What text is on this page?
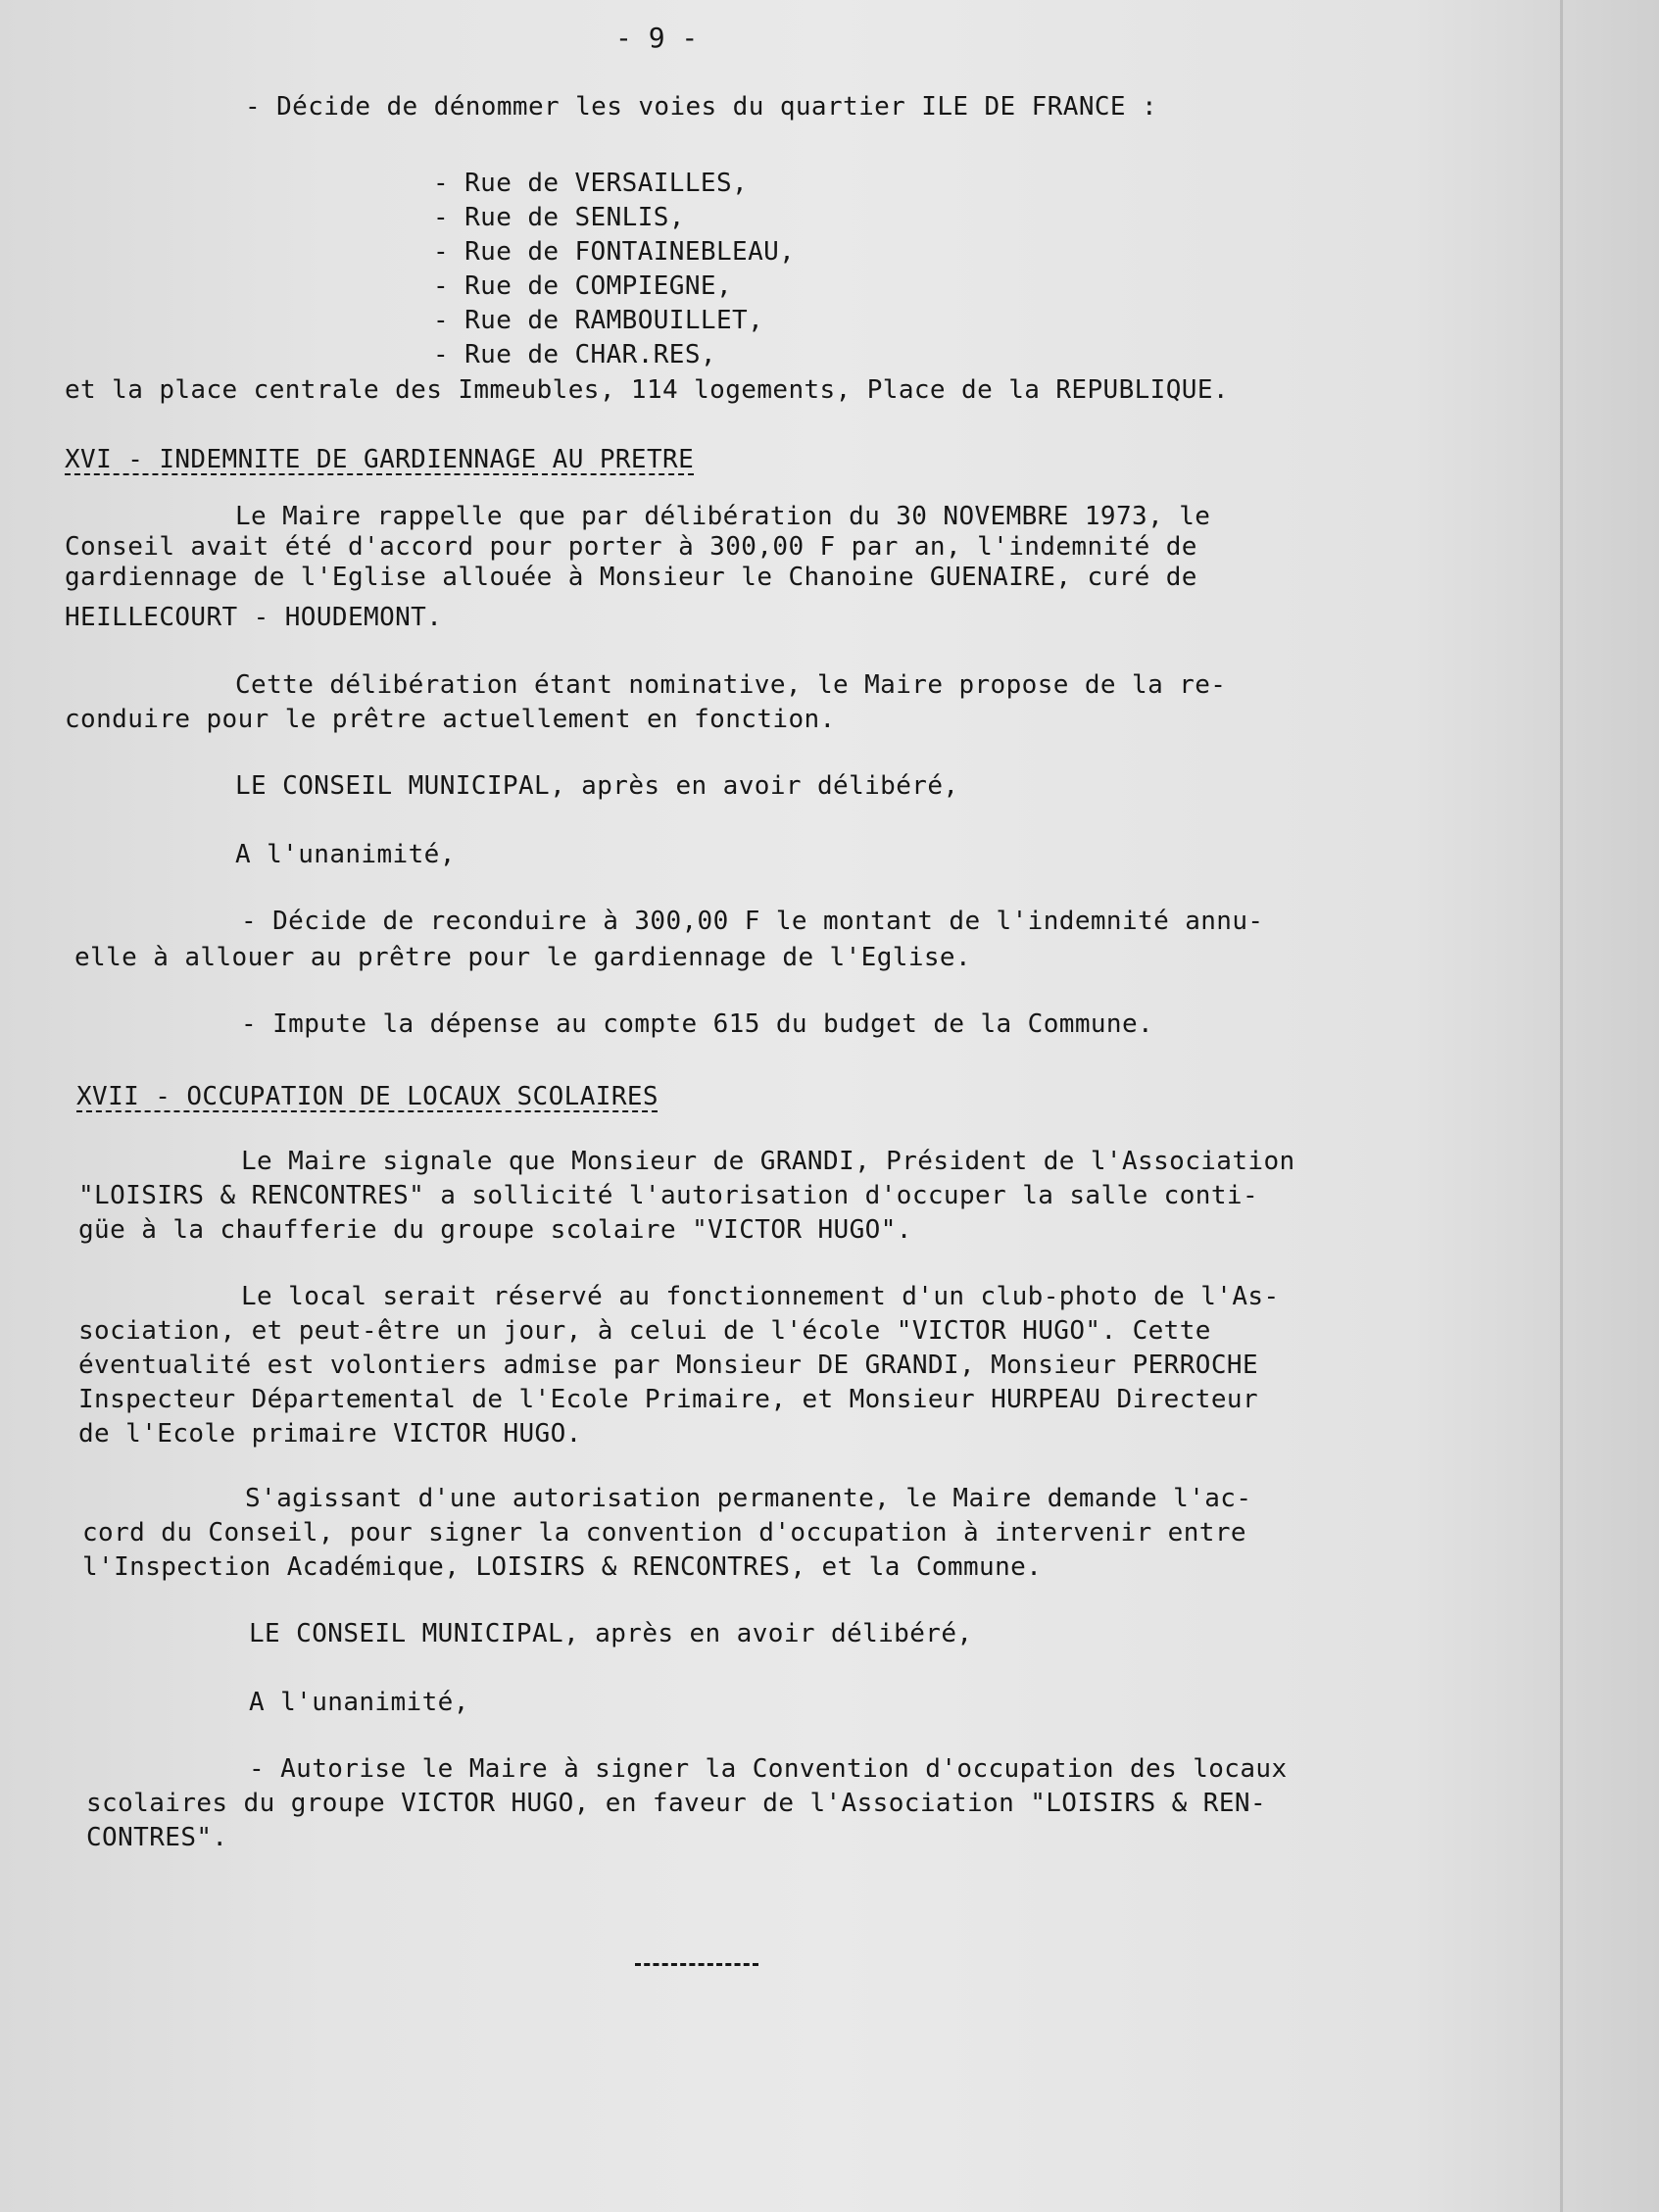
- 9 -
- Décide de dénommer les voies du quartier ILE DE FRANCE :
- Rue de VERSAILLES,
- Rue de SENLIS,
- Rue de FONTAINEBLEAU,
- Rue de COMPIEGNE,
- Rue de RAMBOUILLET,
- Rue de CHAR.RES,
et la place centrale des Immeubles, 114 logements, Place de la REPUBLIQUE.
XVI - INDEMNITE DE GARDIENNAGE AU PRETRE
Le Maire rappelle que par délibération du 30 NOVEMBRE 1973, le
Conseil avait été d'accord pour porter à 300,00 F par an, l'indemnité de
gardiennage de l'Eglise allouée à Monsieur le Chanoine GUENAIRE, curé de
HEILLECOURT - HOUDEMONT.
Cette délibération étant nominative, le Maire propose de la re-
conduire pour le prêtre actuellement en fonction.
LE CONSEIL MUNICIPAL, après en avoir délibéré,
A l'unanimité,
- Décide de reconduire à 300,00 F le montant de l'indemnité annu-
elle à allouer au prêtre pour le gardiennage de l'Eglise.
- Impute la dépense au compte 615 du budget de la Commune.
XVII - OCCUPATION DE LOCAUX SCOLAIRES
Le Maire signale que Monsieur de GRANDI, Président de l'Association
"LOISIRS & RENCONTRES" a sollicité l'autorisation d'occuper la salle conti-
güe à la chaufferie du groupe scolaire "VICTOR HUGO".
Le local serait réservé au fonctionnement d'un club-photo de l'As-
sociation, et peut-être un jour, à celui de l'école "VICTOR HUGO". Cette
éventualité est volontiers admise par Monsieur DE GRANDI, Monsieur PERROCHE
Inspecteur Départemental de l'Ecole Primaire, et Monsieur HURPEAU Directeur
de l'Ecole primaire VICTOR HUGO.
S'agissant d'une autorisation permanente, le Maire demande l'ac-
cord du Conseil, pour signer la convention d'occupation à intervenir entre
l'Inspection Académique, LOISIRS & RENCONTRES, et la Commune.
LE CONSEIL MUNICIPAL, après en avoir délibéré,
A l'unanimité,
- Autorise le Maire à signer la Convention d'occupation des locaux
scolaires du groupe VICTOR HUGO, en faveur de l'Association "LOISIRS & REN-
CONTRES".
